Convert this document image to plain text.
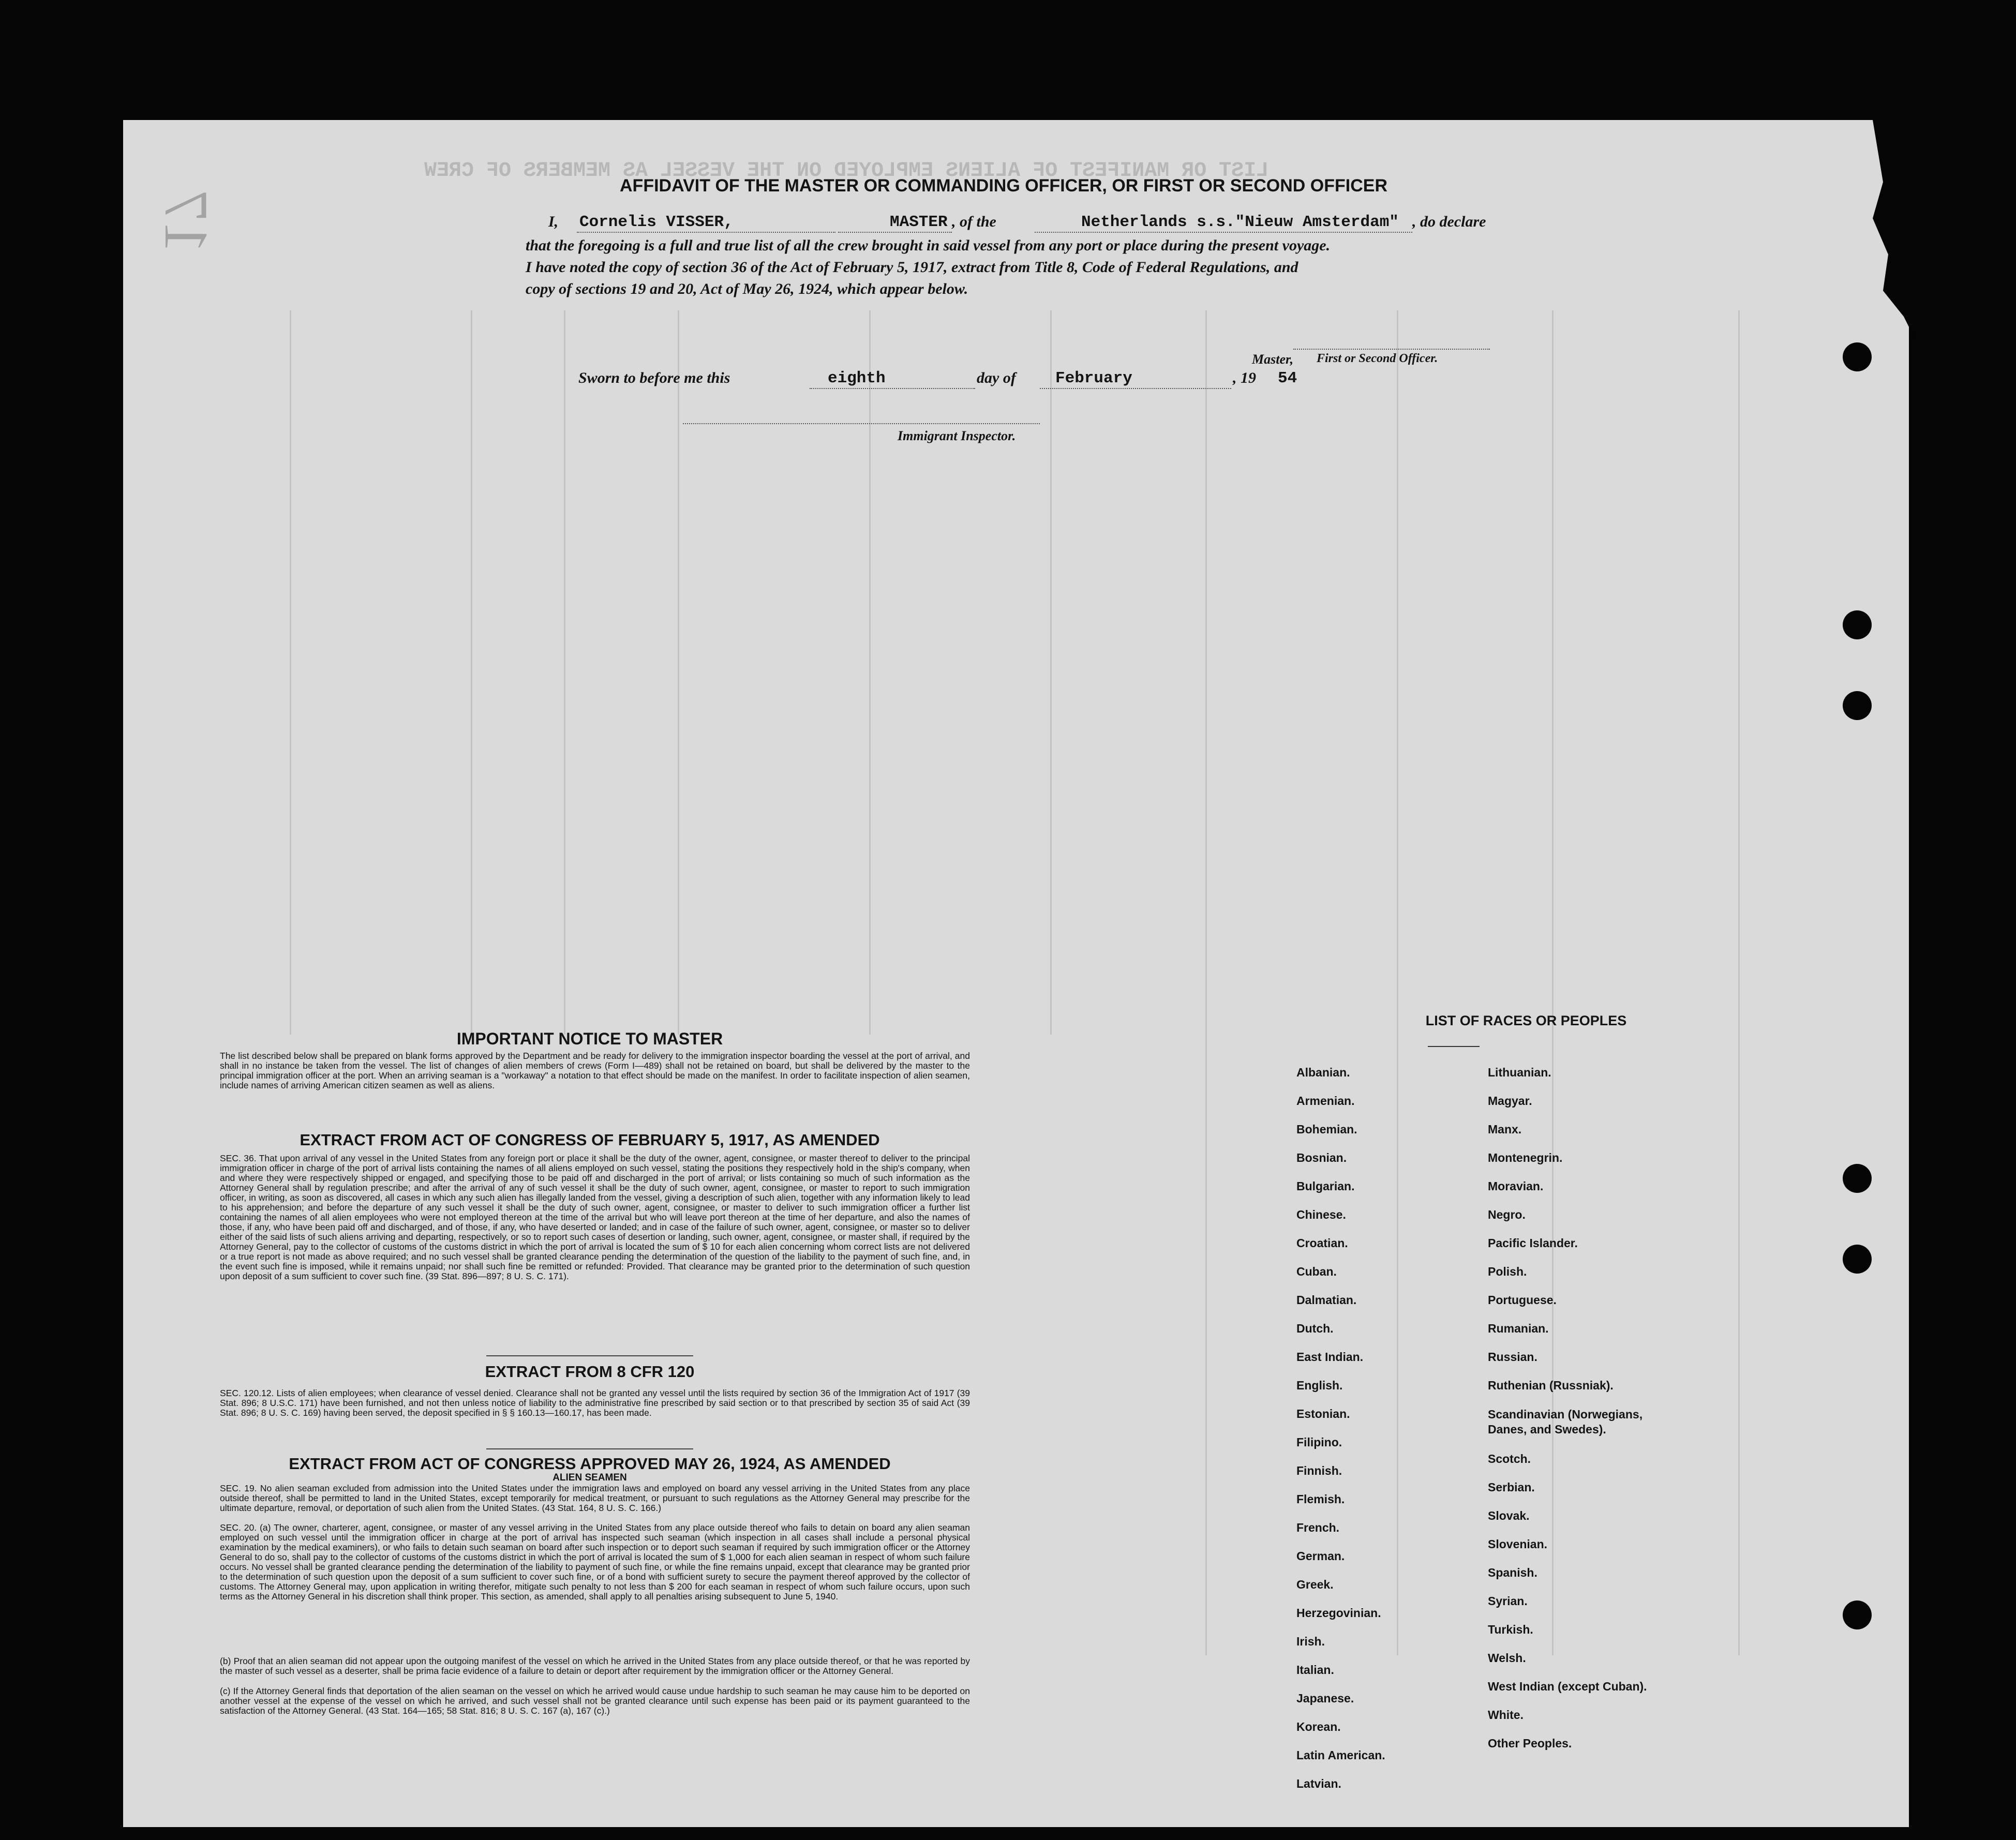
LIST OR MANIFEST OF ALIENS EMPLOYED ON THE VESSEL AS MEMBERS OF CREW
17
AFFIDAVIT OF THE MASTER OR COMMANDING OFFICER, OR FIRST OR SECOND OFFICER
I, Cornelis VISSER,	MASTER , of the	Netherlands s.s."Nieuw Amsterdam" , do declare
that the foregoing is a full and true list of all the crew brought in said vessel from any port or place during the present voyage.
I have noted the copy of section 36 of the Act of February 5, 1917, extract from Title 8, Code of Federal Regulations, and
copy of sections 19 and 20, Act of May 26, 1924, which appear below.
Master, First or Second Officer.
Sworn to before me this	eighth	day of February	, 19 54
Immigrant Inspector.
IMPORTANT NOTICE TO MASTER
The list described below shall be prepared on blank forms approved by the Department and be ready for delivery to the immigration inspector boarding the vessel at the port of arrival, and shall in no instance be taken from the vessel. The list of changes of alien members of crews (Form I—489) shall not be retained on board, but shall be delivered by the master to the principal immigration officer at the port. When an arriving seaman is a "workaway" a notation to that effect should be made on the manifest. In order to facilitate inspection of alien seamen, include names of arriving American citizen seamen as well as aliens.
EXTRACT FROM ACT OF CONGRESS OF FEBRUARY 5, 1917, AS AMENDED
SEC. 36. That upon arrival of any vessel in the United States from any foreign port or place it shall be the duty of the owner, agent, consignee, or master thereof to deliver to the principal immigration officer in charge of the port of arrival lists containing the names of all aliens employed on such vessel, stating the positions they respectively hold in the ship's company, when and where they were respectively shipped or engaged, and specifying those to be paid off and discharged in the port of arrival; or lists containing so much of such information as the Attorney General shall by regulation prescribe; and after the arrival of any of such vessel it shall be the duty of such owner, agent, consignee, or master to report to such immigration officer, in writing, as soon as discovered, all cases in which any such alien has illegally landed from the vessel, giving a description of such alien, together with any information likely to lead to his apprehension; and before the departure of any such vessel it shall be the duty of such owner, agent, consignee, or master to deliver to such immigration officer a further list containing the names of all alien employees who were not employed thereon at the time of the arrival but who will leave port thereon at the time of her departure, and also the names of those, if any, who have been paid off and discharged, and of those, if any, who have deserted or landed; and in case of the failure of such owner, agent, consignee, or master so to deliver either of the said lists of such aliens arriving and departing, respectively, or so to report such cases of desertion or landing, such owner, agent, consignee, or master shall, if required by the Attorney General, pay to the collector of customs of the customs district in which the port of arrival is located the sum of $ 10 for each alien concerning whom correct lists are not delivered or a true report is not made as above required; and no such vessel shall be granted clearance pending the determination of the question of the liability to the payment of such fine, and, in the event such fine is imposed, while it remains unpaid; nor shall such fine be remitted or refunded: Provided. That clearance may be granted prior to the determination of such question upon deposit of a sum sufficient to cover such fine. (39 Stat. 896—897; 8 U. S. C. 171).
EXTRACT FROM 8 CFR 120
SEC. 120.12. Lists of alien employees; when clearance of vessel denied. Clearance shall not be granted any vessel until the lists required by section 36 of the Immigration Act of 1917 (39 Stat. 896; 8 U.S.C. 171) have been furnished, and not then unless notice of liability to the administrative fine prescribed by said section or to that prescribed by section 35 of said Act (39 Stat. 896; 8 U. S. C. 169) having been served, the deposit specified in § § 160.13—160.17, has been made.
EXTRACT FROM ACT OF CONGRESS APPROVED MAY 26, 1924, AS AMENDED
ALIEN SEAMEN
SEC. 19. No alien seaman excluded from admission into the United States under the immigration laws and employed on board any vessel arriving in the United States from any place outside thereof, shall be permitted to land in the United States, except temporarily for medical treatment, or pursuant to such regulations as the Attorney General may prescribe for the ultimate departure, removal, or deportation of such alien from the United States. (43 Stat. 164, 8 U. S. C. 166.)
SEC. 20. (a) The owner, charterer, agent, consignee, or master of any vessel arriving in the United States from any place outside thereof who fails to detain on board any alien seaman employed on such vessel until the immigration officer in charge at the port of arrival has inspected such seaman (which inspection in all cases shall include a personal physical examination by the medical examiners), or who fails to detain such seaman on board after such inspection or to deport such seaman if required by such immigration officer or the Attorney General to do so, shall pay to the collector of customs of the customs district in which the port of arrival is located the sum of $ 1,000 for each alien seaman in respect of whom such failure occurs. No vessel shall be granted clearance pending the determination of the liability to payment of such fine, or while the fine remains unpaid, except that clearance may be granted prior to the determination of such question upon the deposit of a sum sufficient to cover such fine, or of a bond with sufficient surety to secure the payment thereof approved by the collector of customs. The Attorney General may, upon application in writing therefor, mitigate such penalty to not less than $ 200 for each seaman in respect of whom such failure occurs, upon such terms as the Attorney General in his discretion shall think proper. This section, as amended, shall apply to all penalties arising subsequent to June 5, 1940.
(b) Proof that an alien seaman did not appear upon the outgoing manifest of the vessel on which he arrived in the United States from any place outside thereof, or that he was reported by the master of such vessel as a deserter, shall be prima facie evidence of a failure to detain or deport after requirement by the immigration officer or the Attorney General.
(c) If the Attorney General finds that deportation of the alien seaman on the vessel on which he arrived would cause undue hardship to such seaman he may cause him to be deported on another vessel at the expense of the vessel on which he arrived, and such vessel shall not be granted clearance until such expense has been paid or its payment guaranteed to the satisfaction of the Attorney General. (43 Stat. 164—165; 58 Stat. 816; 8 U. S. C. 167 (a), 167 (c).)
LIST OF RACES OR PEOPLES
Albanian.
Armenian.
Bohemian.
Bosnian.
Bulgarian.
Chinese.
Croatian.
Cuban.
Dalmatian.
Dutch.
East Indian.
English.
Estonian.
Filipino.
Finnish.
Flemish.
French.
German.
Greek.
Herzegovinian.
Irish.
Italian.
Japanese.
Korean.
Latin American.
Latvian.
Lithuanian.
Magyar.
Manx.
Montenegrin.
Moravian.
Negro.
Pacific Islander.
Polish.
Portuguese.
Rumanian.
Russian.
Ruthenian (Russniak).
Scandinavian (Norwegians, Danes, and Swedes).
Scotch.
Serbian.
Slovak.
Slovenian.
Spanish.
Syrian.
Turkish.
Welsh.
West Indian (except Cuban).
White.
Other Peoples.
